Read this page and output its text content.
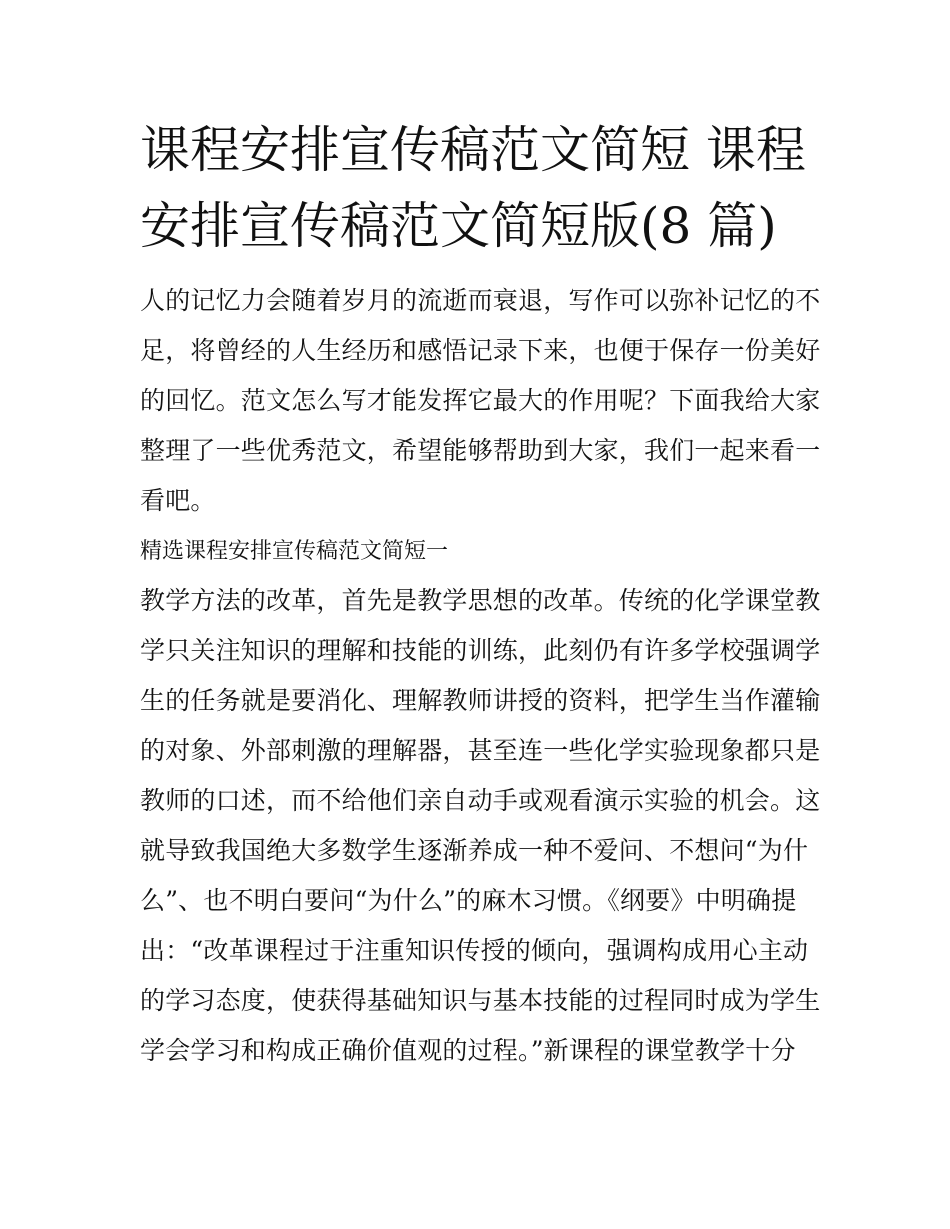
课程安排宣传稿范文简短 课程
安排宣传稿范文简短版(8 篇)

人的记忆力会随着岁月的流逝而衰退，写作可以弥补记忆的不
足，将曾经的人生经历和感悟记录下来，也便于保存一份美好
的回忆。范文怎么写才能发挥它最大的作用呢？下面我给大家
整理了一些优秀范文，希望能够帮助到大家，我们一起来看一
看吧。

精选课程安排宣传稿范文简短一

教学方法的改革，首先是教学思想的改革。传统的化学课堂教
学只关注知识的理解和技能的训练，此刻仍有许多学校强调学
生的任务就是要消化、理解教师讲授的资料，把学生当作灌输
的对象、外部刺激的理解器，甚至连一些化学实验现象都只是
教师的口述，而不给他们亲自动手或观看演示实验的机会。这
就导致我国绝大多数学生逐渐养成一种不爱问、不想问“为什
么”、也不明白要问“为什么”的麻木习惯。《纲要》中明确提
出：“改革课程过于注重知识传授的倾向，强调构成用心主动
的学习态度，使获得基础知识与基本技能的过程同时成为学生
学会学习和构成正确价值观的过程。”新课程的课堂教学十分
